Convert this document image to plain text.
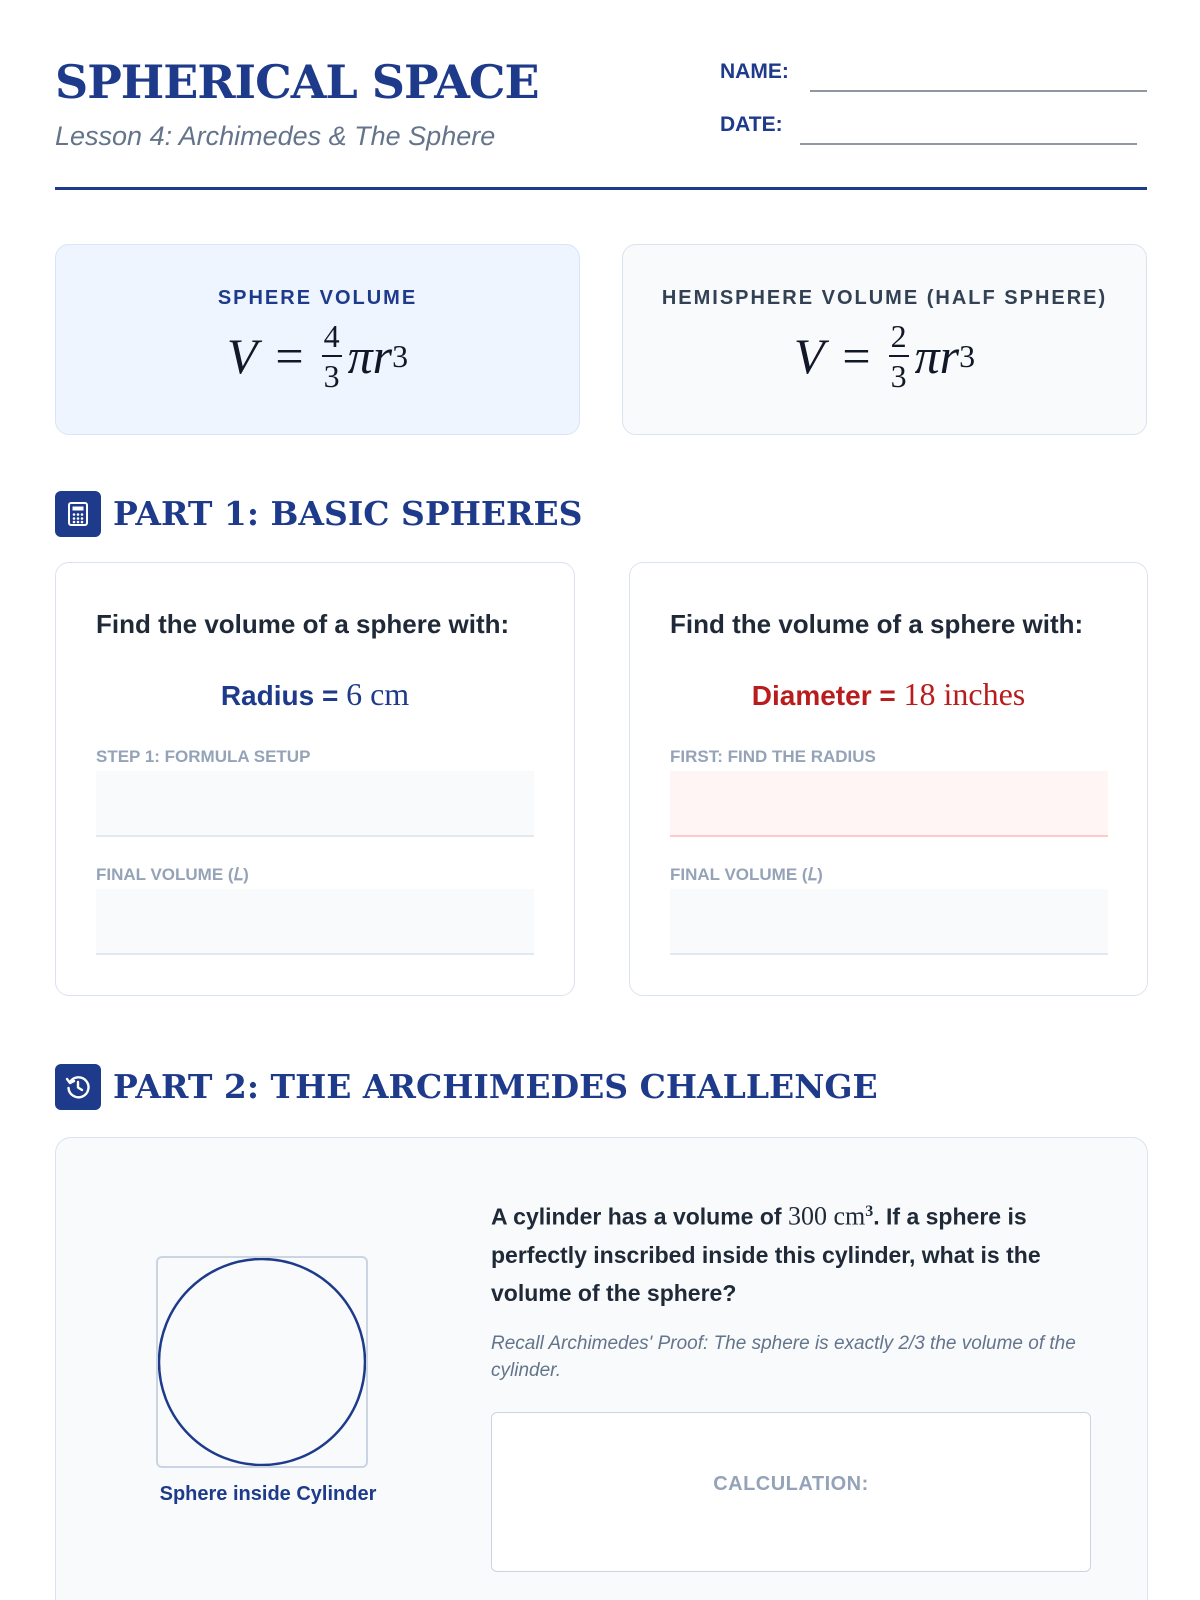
SPHERICAL SPACE
Lesson 4: Archimedes & The Sphere
NAME:
DATE:
SPHERE VOLUME
$V = \frac{4}{3}$ πr 3
HEMISPHERE VOLUME (HALF SPHERE)
$V = \frac{2}{3}$ πr 3
PART 1: BASIC SPHERES
Find the volume of a sphere with:
Radius = 6 cm
STEP 1: FORMULA SETUP
FINAL VOLUME (𝐿)
Find the volume of a sphere with:
Diameter = 18 inches
FIRST: FIND THE RADIUS
FINAL VOLUME (𝐿)
PART 2: THE ARCHIMEDES CHALLENGE
Sphere inside Cylinder
A cylinder has a volume of 300 $cm^3$. If a sphere is perfectly inscribed inside this cylinder, what is the volume of the sphere?
Recall Archimedes' Proof: The sphere is exactly 2/3 the volume of the cylinder.
CALCULATION:
